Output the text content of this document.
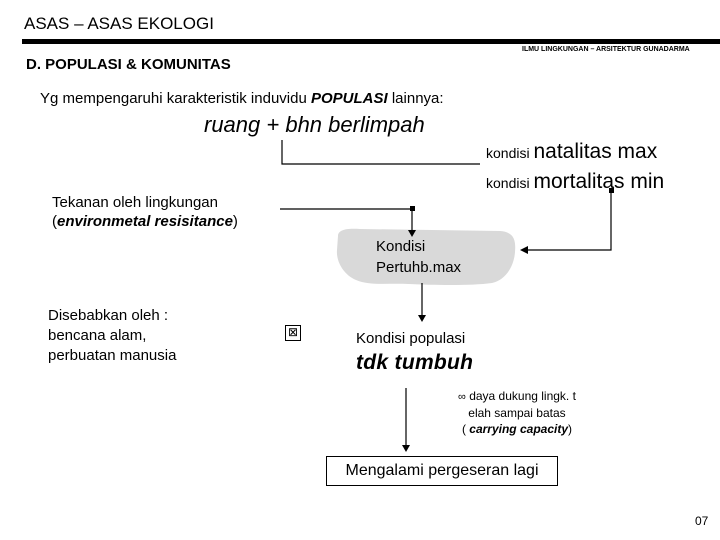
ASAS – ASAS EKOLOGI
ILMU LINGKUNGAN – ARSITEKTUR GUNADARMA
D. POPULASI & KOMUNITAS
Yg mempengaruhi karakteristik induvidu POPULASI lainnya:
ruang + bhn berlimpah
kondisi natalitas max
kondisi mortalitas min
Tekanan oleh lingkungan
(environmetal resisitance)
Kondisi
Pertuhb.max
Disebabkan oleh :
bencana alam,
perbuatan manusia
⊠	Kondisi populasi
tdk tumbuh
∞ daya dukung lingk. t
elah sampai batas
( carrying capacity)
Mengalami pergeseran lagi
07
